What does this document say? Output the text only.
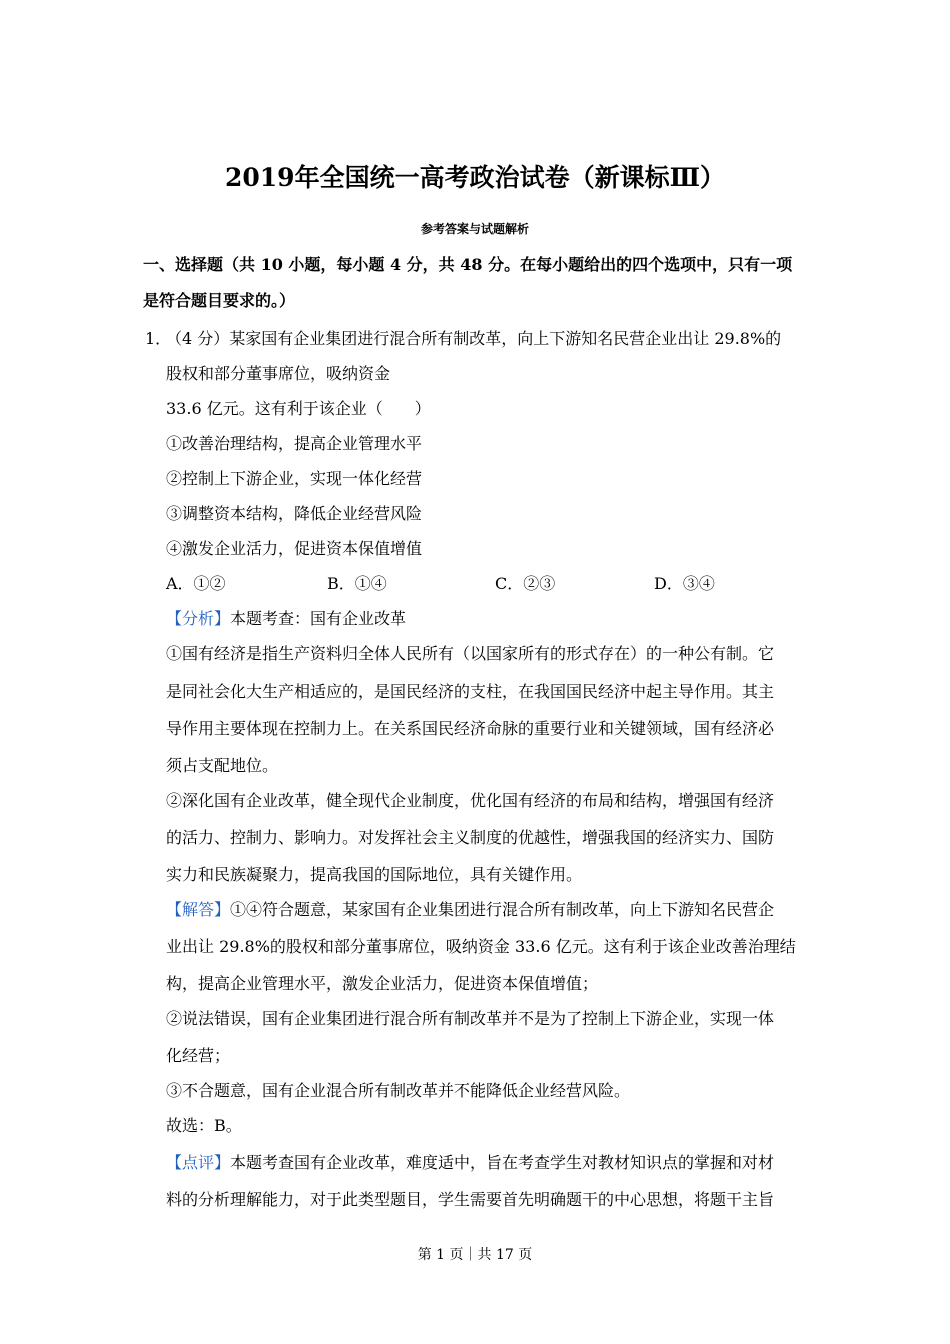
2019年全国统一高考政治试卷（新课标Ⅲ）
参考答案与试题解析
一、选择题（共 10 小题，每小题 4 分，共 48 分。在每小题给出的四个选项中，只有一项
是符合题目要求的。）
1．
（4 分）某家国有企业集团进行混合所有制改革，向上下游知名民营企业出让 29.8%的
股权和部分董事席位，吸纳资金
33.6 亿元。这有利于该企业（　　）
①改善治理结构，提高企业管理水平
②控制上下游企业，实现一体化经营
③调整资本结构，降低企业经营风险
④激发企业活力，促进资本保值增值
A．①②	B．①④	C．②③	D．③④
【分析】本题考查：国有企业改革
①国有经济是指生产资料归全体人民所有（以国家所有的形式存在）的一种公有制。它
是同社会化大生产相适应的，是国民经济的支柱，在我国国民经济中起主导作用。其主
导作用主要体现在控制力上。在关系国民经济命脉的重要行业和关键领域，国有经济必
须占支配地位。
②深化国有企业改革，健全现代企业制度，优化国有经济的布局和结构，增强国有经济
的活力、控制力、影响力。对发挥社会主义制度的优越性，增强我国的经济实力、国防
实力和民族凝聚力，提高我国的国际地位，具有关键作用。
【解答】①④符合题意，某家国有企业集团进行混合所有制改革，向上下游知名民营企
业出让 29.8%的股权和部分董事席位，吸纳资金 33.6 亿元。这有利于该企业改善治理结
构，提高企业管理水平，激发企业活力，促进资本保值增值；
②说法错误，国有企业集团进行混合所有制改革并不是为了控制上下游企业，实现一体
化经营；
③不合题意，国有企业混合所有制改革并不能降低企业经营风险。
故选：B。
【点评】本题考查国有企业改革，难度适中，旨在考查学生对教材知识点的掌握和对材
料的分析理解能力，对于此类型题目，学生需要首先明确题干的中心思想，将题干主旨
第 1 页｜共 17 页
